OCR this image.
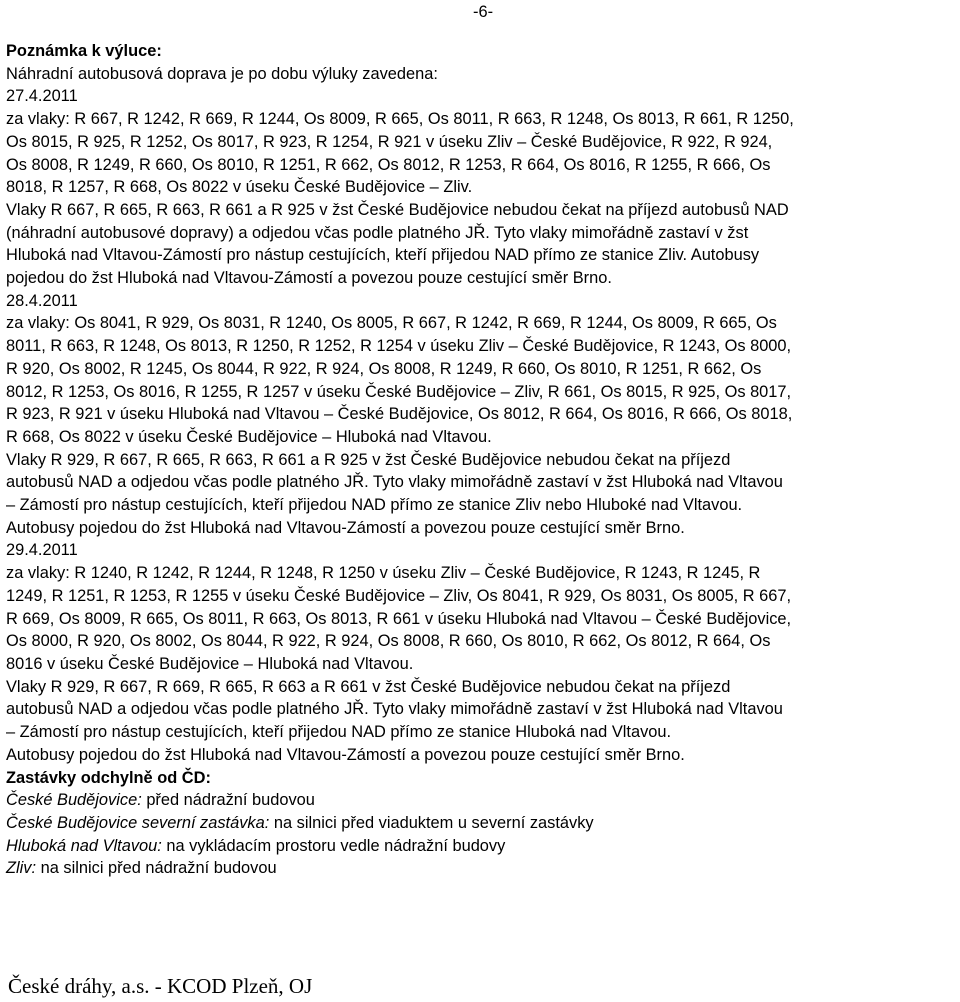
-6-
Poznámka k výluce:
Náhradní autobusová doprava je po dobu výluky zavedena:
27.4.2011
za vlaky: R 667, R 1242, R 669, R 1244, Os 8009, R 665, Os 8011, R 663, R 1248, Os 8013, R 661, R 1250,
Os 8015, R 925, R 1252, Os 8017, R 923, R 1254, R 921 v úseku Zliv – České Budějovice, R 922, R 924,
Os 8008, R 1249, R 660, Os 8010, R 1251, R 662, Os 8012, R 1253, R 664, Os 8016, R 1255, R 666, Os
8018, R 1257, R 668, Os 8022 v úseku České Budějovice – Zliv.
Vlaky R 667, R 665, R 663, R 661 a R 925 v žst České Budějovice nebudou čekat na příjezd autobusů NAD
(náhradní autobusové dopravy) a odjedou včas podle platného JŘ. Tyto vlaky mimořádně zastaví v žst
Hluboká nad Vltavou-Zámostí pro nástup cestujících, kteří přijedou NAD přímo ze stanice Zliv. Autobusy
pojedou do žst Hluboká nad Vltavou-Zámostí a povezou pouze cestující směr Brno.
28.4.2011
za vlaky: Os 8041, R 929, Os 8031, R 1240, Os 8005, R 667, R 1242, R 669, R 1244, Os 8009, R 665, Os
8011, R 663, R 1248, Os 8013, R 1250, R 1252, R 1254 v úseku Zliv – České Budějovice, R 1243, Os 8000,
R 920, Os 8002, R 1245, Os 8044, R 922, R 924, Os 8008, R 1249, R 660, Os 8010, R 1251, R 662, Os
8012, R 1253, Os 8016, R 1255, R 1257 v úseku České Budějovice – Zliv, R 661, Os 8015, R 925, Os 8017,
R 923, R 921 v úseku Hluboká nad Vltavou – České Budějovice, Os 8012, R 664, Os 8016, R 666, Os 8018,
R 668, Os 8022 v úseku České Budějovice – Hluboká nad Vltavou.
Vlaky R 929, R 667, R 665, R 663, R 661 a R 925 v žst České Budějovice nebudou čekat na příjezd
autobusů NAD a odjedou včas podle platného JŘ. Tyto vlaky mimořádně zastaví v žst Hluboká nad Vltavou
– Zámostí pro nástup cestujících, kteří přijedou NAD přímo ze stanice Zliv nebo Hluboké nad Vltavou.
Autobusy pojedou do žst Hluboká nad Vltavou-Zámostí a povezou pouze cestující směr Brno.
29.4.2011
za vlaky: R 1240, R 1242, R 1244, R 1248, R 1250 v úseku Zliv – České Budějovice, R 1243, R 1245, R
1249, R 1251, R 1253, R 1255 v úseku České Budějovice – Zliv, Os 8041, R 929, Os 8031, Os 8005, R 667,
R 669, Os 8009, R 665, Os 8011, R 663, Os 8013, R 661 v úseku Hluboká nad Vltavou – České Budějovice,
Os 8000, R 920, Os 8002, Os 8044, R 922, R 924, Os 8008, R 660, Os 8010, R 662, Os 8012, R 664, Os
8016 v úseku České Budějovice – Hluboká nad Vltavou.
Vlaky R 929, R 667, R 669, R 665, R 663 a R 661 v žst České Budějovice nebudou čekat na příjezd
autobusů NAD a odjedou včas podle platného JŘ. Tyto vlaky mimořádně zastaví v žst Hluboká nad Vltavou
– Zámostí pro nástup cestujících, kteří přijedou NAD přímo ze stanice Hluboká nad Vltavou.
Autobusy pojedou do žst Hluboká nad Vltavou-Zámostí a povezou pouze cestující směr Brno.
Zastávky odchylně od ČD:
České Budějovice: před nádražní budovou
České Budějovice severní zastávka: na silnici před viaduktem u severní zastávky
Hluboká nad Vltavou: na vykládacím prostoru vedle nádražní budovy
Zliv: na silnici před nádražní budovou
České dráhy, a.s. - KCOD Plzeň, OJ
